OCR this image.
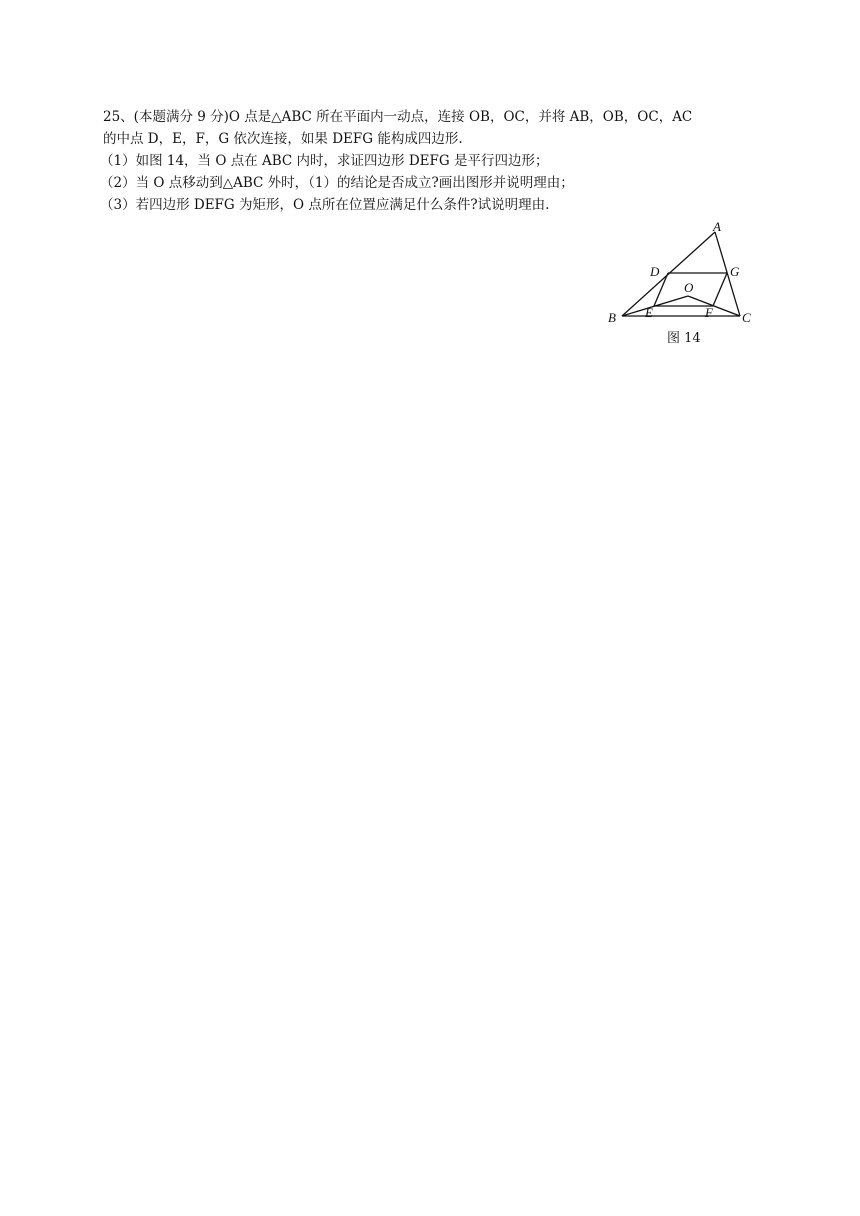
25、(本题满分 9 分)O 点是△ABC 所在平面内一动点，连接 OB，OC，并将 AB，OB，OC，AC

的中点 D，E，F，G 依次连接，如果 DEFG 能构成四边形.

（1）如图 14，当 O 点在 ABC 内时，求证四边形 DEFG 是平行四边形；

（2）当 O 点移动到△ABC 外时，（1）的结论是否成立?画出图形并说明理由；

（3）若四边形 DEFG 为矩形，O 点所在位置应满足什么条件?试说明理由.

A
B	C
D
E	F
G
O
图 14
